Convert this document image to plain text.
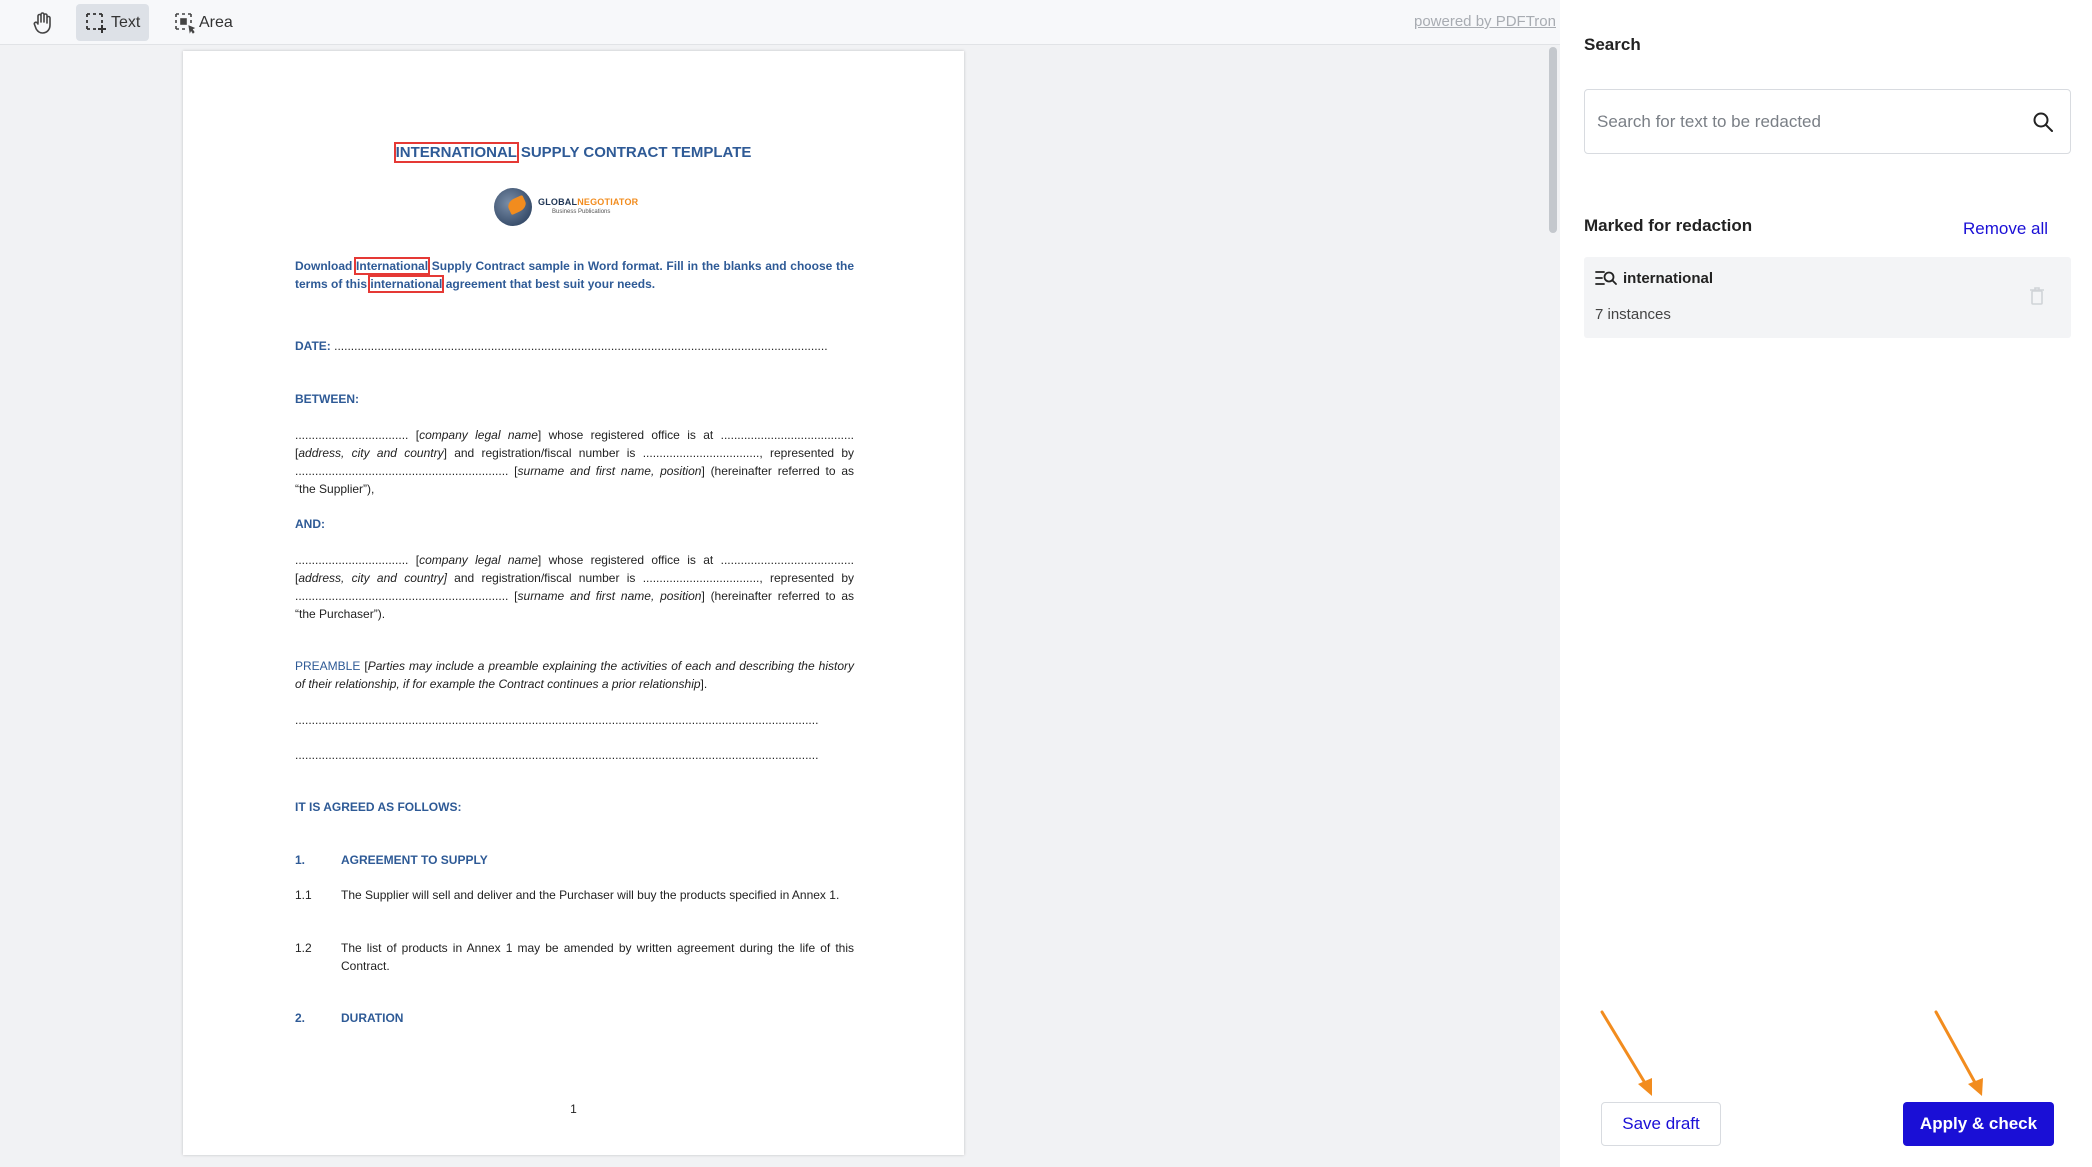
Text	Area	powered by PDFTron
INTERNATIONAL SUPPLY CONTRACT TEMPLATE
GLOBALNEGOTIATOR
Business Publications
Download International Supply Contract sample in Word format. Fill in the blanks and choose the terms of this international agreement that best suit your needs.
DATE: ....................................................................................................................................................
BETWEEN:
.................................. [company legal name] whose registered office is at ........................................ [address, city and country] and registration/fiscal number is ..................................., represented by ................................................................ [surname and first name, position] (hereinafter referred to as “the Supplier”),
AND:
.................................. [company legal name] whose registered office is at ........................................ [address, city and country] and registration/fiscal number is ..................................., represented by ................................................................ [surname and first name, position] (hereinafter referred to as “the Purchaser”).
PREAMBLE [Parties may include a preamble explaining the activities of each and describing the history of their relationship, if for example the Contract continues a prior relationship].
.............................................................................................................................................................
.............................................................................................................................................................
IT IS AGREED AS FOLLOWS:
1.	AGREEMENT TO SUPPLY
1.1	The Supplier will sell and deliver and the Purchaser will buy the products specified in Annex 1.
1.2	The list of products in Annex 1 may be amended by written agreement during the life of this Contract.
2.	DURATION
1
Search
Search for text to be redacted
Marked for redaction	Remove all
international
7 instances
Save draft	Apply & check
